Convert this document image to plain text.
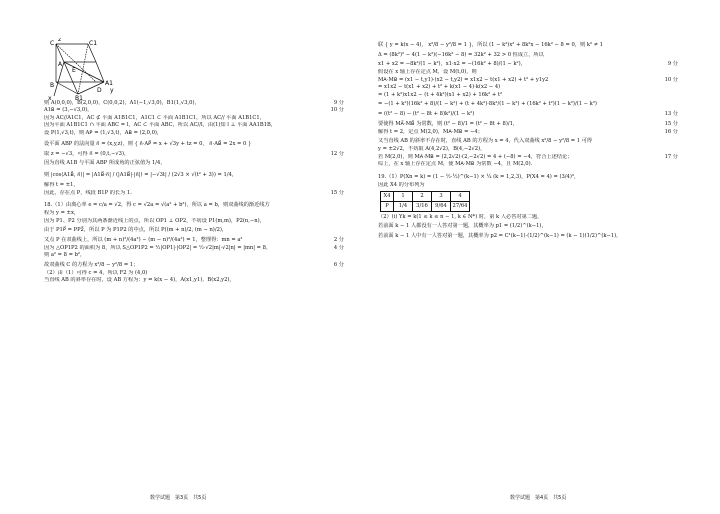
C	C1
A
B	A1
D
B1
x
y
z
E
则 A(0,0,0)，B(2,0,0)，C(0,0,2)，A1(−1,√3,0)，B1(1,√3,0)，	9 分
A1B⃗ = (3,−√3,0)，	10 分
因为 AC//A1C1，AC ⊄ 平面 A1B1C1，A1C1 ⊂ 平面 A1B1C1，所以 AC// 平面 A1B1C1，
因为平面 A1B1C1 ∩ 平面 ABC = l，AC ⊂ 平面 ABC，所以 AC//l，由(1)知 l ⊥ 平面 AA1B1B，
设 P(1,√3,t)，则 AP⃗ = (1,√3,t)，AB⃗ = (2,0,0)，
设平面 ABP 的法向量 n⃗ = (x,y,z)，则 { n⃗·AP⃗ = x + √3y + tz = 0， n⃗·AB⃗ = 2x = 0 }
取 z = −√3，可得 n⃗ = (0,t,−√3)，	12 分
因为直线 A1B 与平面 ABP 所成角的正弦值为 1/4，
则 |cos⟨A1B⃗, n⃗⟩| = |A1B⃗·n⃗| / (|A1B⃗|·|n⃗|) = |−√3t| / (2√3 × √(t² + 3)) = 1/4，
解得 t = ±1，
因此，存在点 P，线段 B1P 的长为 1.	15 分
18.（1）由离心率 e = c/a = √2，得 c = √2a = √(a² + b²)，所以 a = b，则双曲线的渐近线方
程为 y = ±x，
因为 P1、P2 分别为其两条渐近线上的点，所以 OP1 ⊥ OP2，不妨设 P1(m,m)，P2(n,−n)，
由于 P1P⃗ = PP2⃗，所以 P 为 P1P2 的中点，所以 P((m + n)/2, (m − n)/2)，
又点 P 在双曲线上，所以 (m + n)²/(4a²) − (m − n)²/(4a²) = 1，整理得：mn = a²	2 分
因为 △OP1P2 的面积为 8，所以 S△OP1P2 = ½|OP1|·|OP2| = ½·√2|m|·√2|n| = |mn| = 8，	4 分
则 a² = 8 = b²，
故双曲线 C 的方程为 x²/8 − y²/8 = 1；	6 分
（2）由（1）可得 c = 4，所以 F2 为 (4,0)
当直线 AB 的斜率存在时，设 AB 方程为：y = k(x − 4)，A(x1,y1)，B(x2,y2)，
联 { y = k(x − 4)， x²/8 − y²/8 = 1 }，所以 (1 − k²)x² + 8k²x − 16k² − 8 = 0，则 k² ≠ 1
Δ = (8k²)² − 4(1 − k²)(−16k² − 8) = 32k² + 32 > 0 恒成立，所以
x1 + x2 = −8k²/(1 − k²)，x1·x2 = −(16k² + 8)/(1 − k²)，	9 分
假设在 x 轴上存在定点 M，设 M(t,0)，则
MA⃗·MB⃗ = (x1 − t,y1)·(x2 − t,y2) = x1x2 − t(x1 + x2) + t² + y1y2	10 分
= x1x2 − t(x1 + x2) + t² + k(x1 − 4)·k(x2 − 4)
= (1 + k²)x1x2 − (t + 4k²)(x1 + x2) + 16k² + t²
= −(1 + k²)(16k² + 8)/(1 − k²) + (t + 4k²)·8k²/(1 − k²) + (16k² + t²)(1 − k²)/(1 − k²)
= ((t² − 8) − (t² − 8t + 8)k²)/(1 − k²)	13 分
要使得 MA⃗·MB⃗ 为常数，则 (t² − 8)/1 = (t² − 8t + 8)/1，	15 分
解得 t = 2，定点 M(2,0)，MA⃗·MB⃗ = −4；	16 分
又当直线 AB 的斜率不存在时，直线 AB 的方程为 x = 4，代入双曲线 x²/8 − y²/8 = 1 可得
y = ±2√2，不妨取 A(4,2√2)，B(4,−2√2)，
若 M(2,0)，则 MA⃗·MB⃗ = (2,2√2)·(2,−2√2) = 4 + (−8) = −4，符合上述结论；	17 分
综上，在 x 轴上存在定点 M，使 MA⃗·MB⃗ 为常数 −4，且 M(2,0).
19.（1）P(Xn = k) = (1 − ½·½)^(k−1) × ¼ (k = 1,2,3)，P(X4 = 4) = (3/4)³，
因此 X4 的分布列为
X4	1	2	3	4
P	1/4	3/16	9/64	27/64
（2）(i) Yk = k(1 ≤ k ≤ n − 1, k ∈ N*) 时，第 k 人必答对第二题，
若前面 k − 1 人都没有一人答对第一题，其概率为 p1 = (1/2)^(k−1)，
若前面 k − 1 人中有一人答对第一题，其概率为 p2 = C¹(k−1)·(1/2)^(k−1) = (k − 1)(1/2)^(k−1)，
数学试题　第3页　共5页	数学试题　第4页　共5页
